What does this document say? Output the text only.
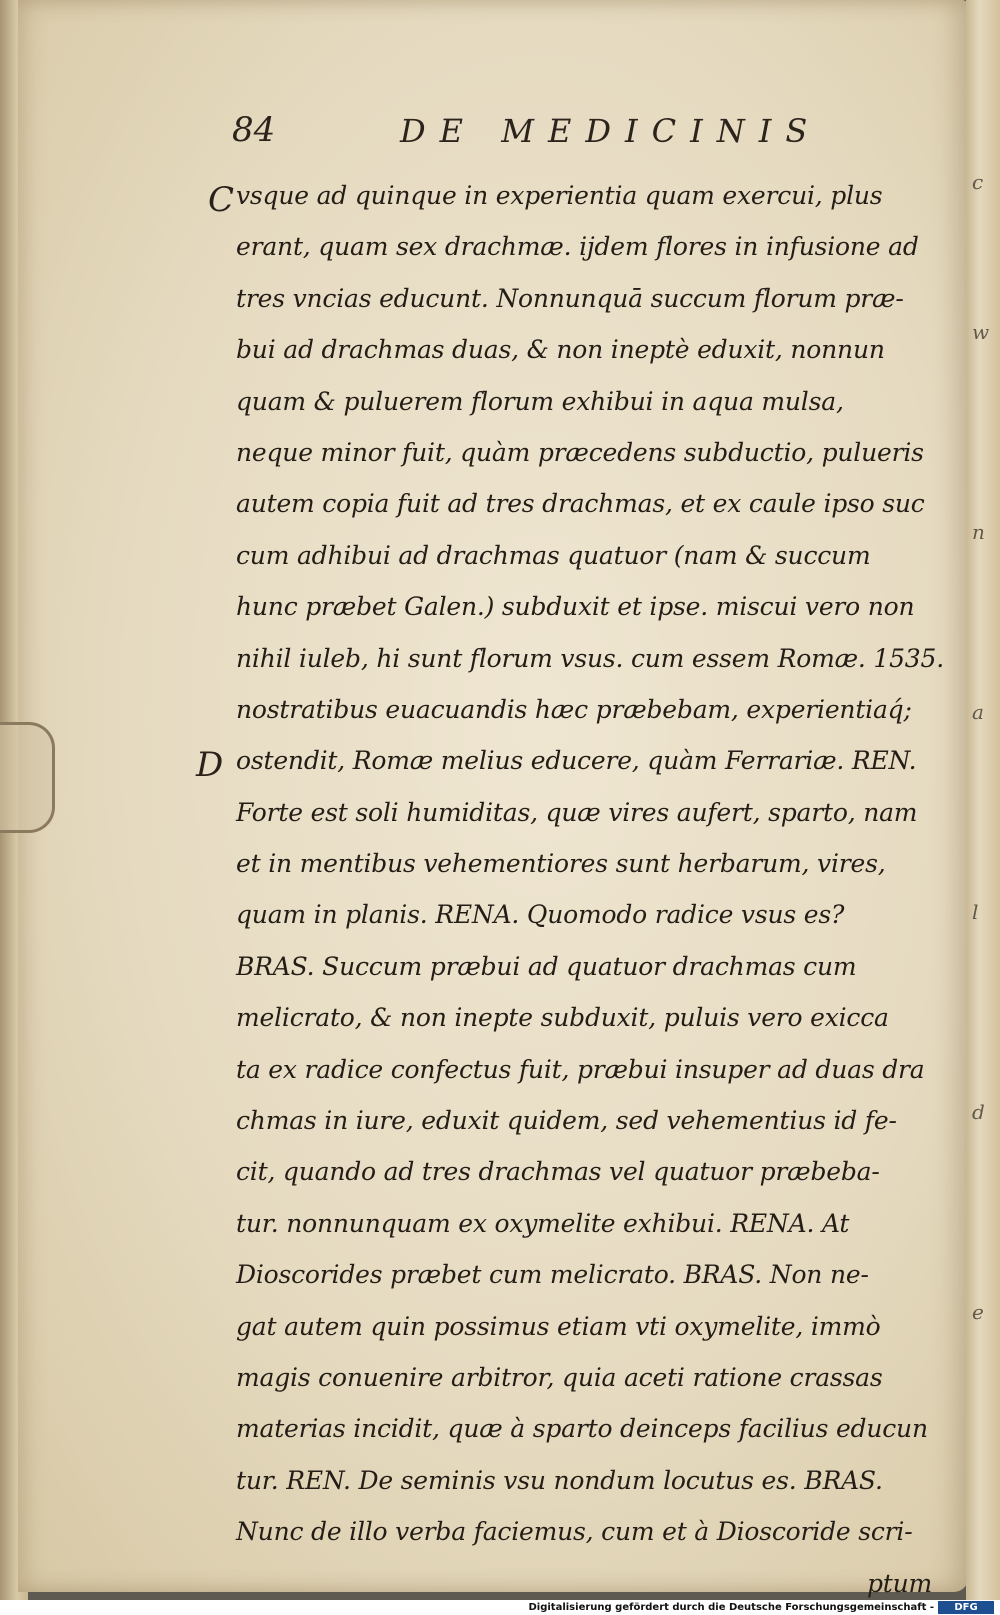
c
w
n
a
l
d
e
84	DE MEDICINIS
C
D
vsque ad quinque in experientia quam exercui, plus
erant, quam sex drachmæ. ijdem flores in infusione ad
tres vncias educunt. Nonnunquā succum florum præ-
bui ad drachmas duas, & non ineptè eduxit, nonnun
quam & puluerem florum exhibui in aqua mulsa,
neque minor fuit, quàm præcedens subductio, pulueris
autem copia fuit ad tres drachmas, et ex caule ipso suc
cum adhibui ad drachmas quatuor (nam & succum
hunc præbet Galen.) subduxit et ipse. miscui vero non
nihil iuleb, hi sunt florum vsus. cum essem Romæ. 1535.
nostratibus euacuandis hæc præbebam, experientiaq́;
ostendit, Romæ melius educere, quàm Ferrariæ. REN.
Forte est soli humiditas, quæ vires aufert, sparto, nam
et in mentibus vehementiores sunt herbarum, vires,
quam in planis. RENA. Quomodo radice vsus es?
BRAS. Succum præbui ad quatuor drachmas cum
melicrato, & non inepte subduxit, puluis vero exicca
ta ex radice confectus fuit, præbui insuper ad duas dra
chmas in iure, eduxit quidem, sed vehementius id fe-
cit, quando ad tres drachmas vel quatuor præbeba-
tur. nonnunquam ex oxymelite exhibui. RENA. At
Dioscorides præbet cum melicrato. BRAS. Non ne-
gat autem quin possimus etiam vti oxymelite, immò
magis conuenire arbitror, quia aceti ratione crassas
materias incidit, quæ à sparto deinceps facilius educun
tur. REN. De seminis vsu nondum locutus es. BRAS.
Nunc de illo verba faciemus, cum et à Dioscoride scri-
ptum
Digitalisierung gefördert durch die Deutsche Forschungsgemeinschaft -	DFG
